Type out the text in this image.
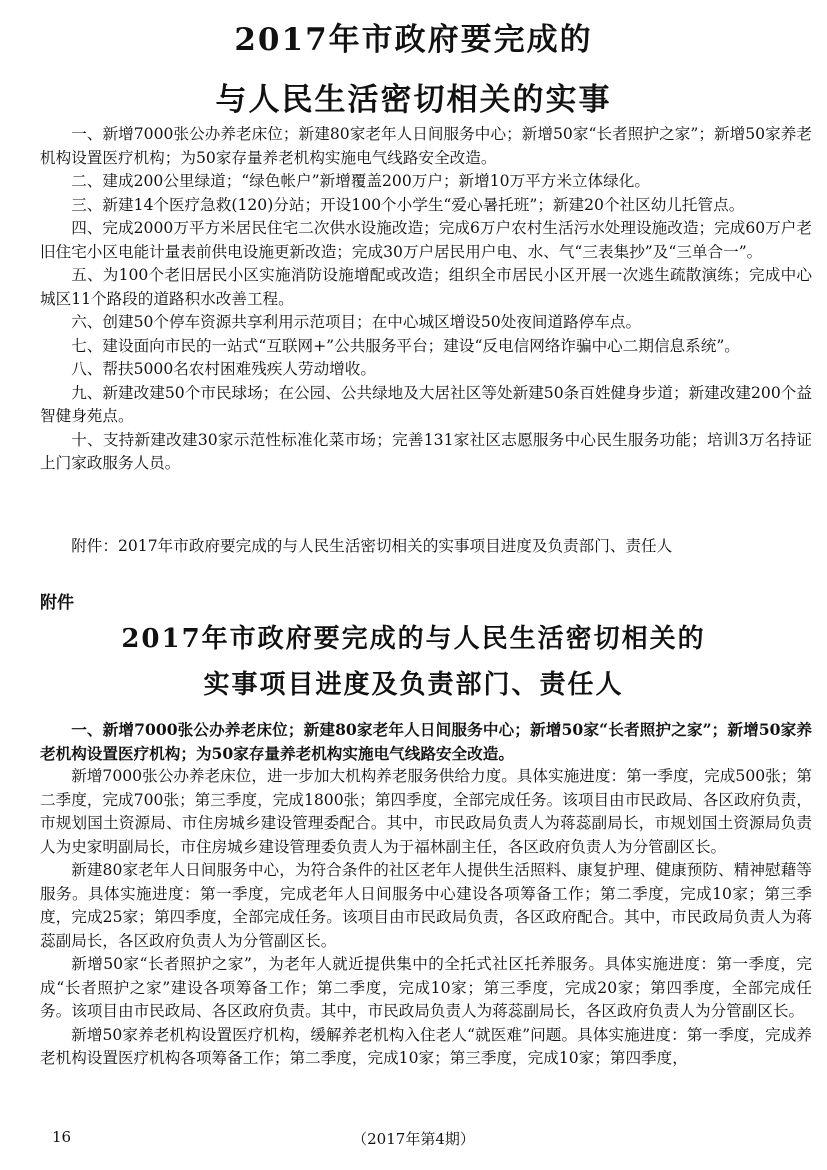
2017年市政府要完成的
与人民生活密切相关的实事

一、新增7000张公办养老床位；新建80家老年人日间服务中心；新增50家“长者照护之家”；新增50家养老机构设置医疗机构；为50家存量养老机构实施电气线路安全改造。

二、建成200公里绿道；“绿色帐户”新增覆盖200万户；新增10万平方米立体绿化。

三、新建14个医疗急救(120)分站；开设100个小学生“爱心暑托班”；新建20个社区幼儿托管点。

四、完成2000万平方米居民住宅二次供水设施改造；完成6万户农村生活污水处理设施改造；完成60万户老旧住宅小区电能计量表前供电设施更新改造；完成30万户居民用户电、水、气“三表集抄”及“三单合一”。

五、为100个老旧居民小区实施消防设施增配或改造；组织全市居民小区开展一次逃生疏散演练；完成中心城区11个路段的道路积水改善工程。

六、创建50个停车资源共享利用示范项目；在中心城区增设50处夜间道路停车点。

七、建设面向市民的一站式“互联网+”公共服务平台；建设“反电信网络诈骗中心二期信息系统”。

八、帮扶5000名农村困难残疾人劳动增收。

九、新建改建50个市民球场；在公园、公共绿地及大居社区等处新建50条百姓健身步道；新建改建200个益智健身苑点。

十、支持新建改建30家示范性标准化菜市场；完善131家社区志愿服务中心民生服务功能；培训3万名持证上门家政服务人员。

附件：2017年市政府要完成的与人民生活密切相关的实事项目进度及负责部门、责任人
附件
2017年市政府要完成的与人民生活密切相关的
实事项目进度及负责部门、责任人

一、新增7000张公办养老床位；新建80家老年人日间服务中心；新增50家“长者照护之家”；新增50家养老机构设置医疗机构；为50家存量养老机构实施电气线路安全改造。

新增7000张公办养老床位，进一步加大机构养老服务供给力度。具体实施进度：第一季度，完成500张；第二季度，完成700张；第三季度，完成1800张；第四季度，全部完成任务。该项目由市民政局、各区政府负责，市规划国土资源局、市住房城乡建设管理委配合。其中，市民政局负责人为蒋蕊副局长，市规划国土资源局负责人为史家明副局长，市住房城乡建设管理委负责人为于福林副主任，各区政府负责人为分管副区长。

新建80家老年人日间服务中心，为符合条件的社区老年人提供生活照料、康复护理、健康预防、精神慰藉等服务。具体实施进度：第一季度，完成老年人日间服务中心建设各项筹备工作；第二季度，完成10家；第三季度，完成25家；第四季度，全部完成任务。该项目由市民政局负责，各区政府配合。其中，市民政局负责人为蒋蕊副局长，各区政府负责人为分管副区长。

新增50家“长者照护之家”，为老年人就近提供集中的全托式社区托养服务。具体实施进度：第一季度，完成“长者照护之家”建设各项筹备工作；第二季度，完成10家；第三季度，完成20家；第四季度，全部完成任务。该项目由市民政局、各区政府负责。其中，市民政局负责人为蒋蕊副局长，各区政府负责人为分管副区长。

新增50家养老机构设置医疗机构，缓解养老机构入住老人“就医难”问题。具体实施进度：第一季度，完成养老机构设置医疗机构各项筹备工作；第二季度，完成10家；第三季度，完成10家；第四季度，

16	（2017年第4期）
